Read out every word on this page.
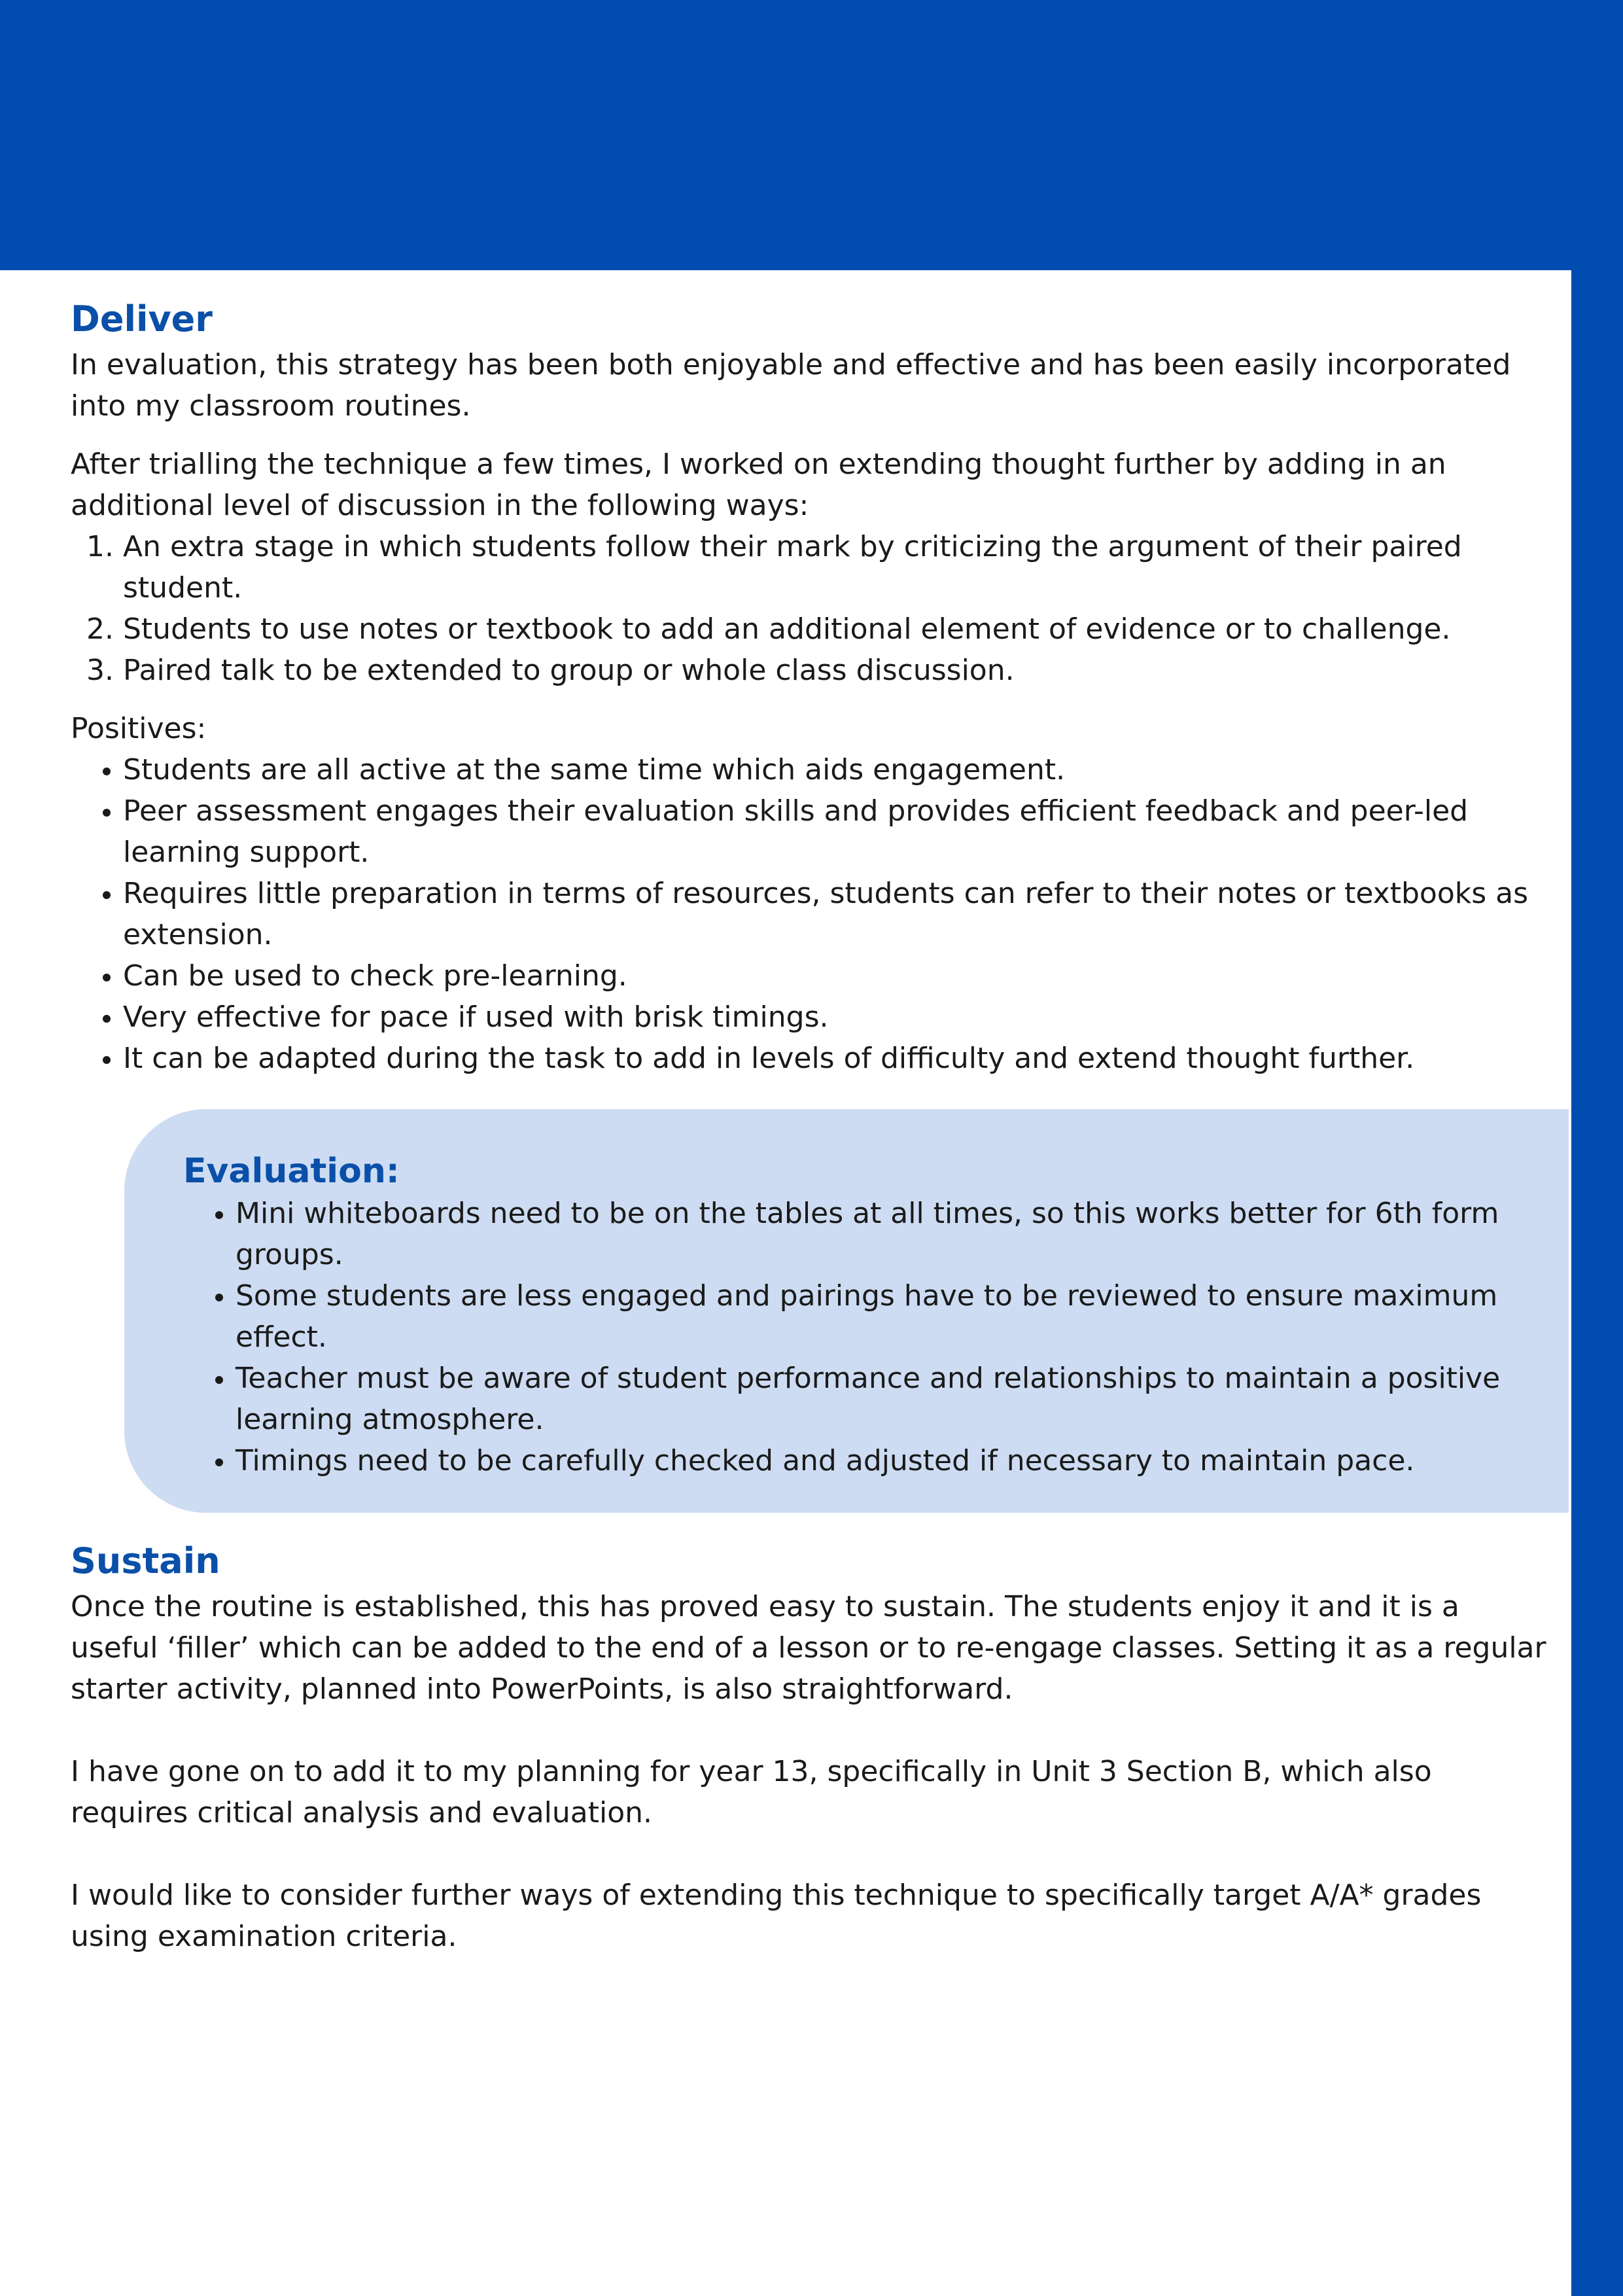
Deliver

In evaluation, this strategy has been both enjoyable and effective and has been easily incorporated into my classroom routines.

After trialling the technique a few times, I worked on extending thought further by adding in an additional level of discussion in the following ways:

1. An extra stage in which students follow their mark by criticizing the argument of their paired student.
2. Students to use notes or textbook to add an additional element of evidence or to challenge.
3. Paired talk to be extended to group or whole class discussion.

Positives:

• Students are all active at the same time which aids engagement.
• Peer assessment engages their evaluation skills and provides efficient feedback and peer-led learning support.
• Requires little preparation in terms of resources, students can refer to their notes or textbooks as extension.
• Can be used to check pre-learning.
• Very effective for pace if used with brisk timings.
• It can be adapted during the task to add in levels of difficulty and extend thought further.
Evaluation:
• Mini whiteboards need to be on the tables at all times, so this works better for 6th form groups.
• Some students are less engaged and pairings have to be reviewed to ensure maximum effect.
• Teacher must be aware of student performance and relationships to maintain a positive learning atmosphere.
• Timings need to be carefully checked and adjusted if necessary to maintain pace.
Sustain

Once the routine is established, this has proved easy to sustain. The students enjoy it and it is a useful ‘filler’ which can be added to the end of a lesson or to re-engage classes. Setting it as a regular starter activity, planned into PowerPoints, is also straightforward.

I have gone on to add it to my planning for year 13, specifically in Unit 3 Section B, which also requires critical analysis and evaluation.

I would like to consider further ways of extending this technique to specifically target A/A* grades using examination criteria.
